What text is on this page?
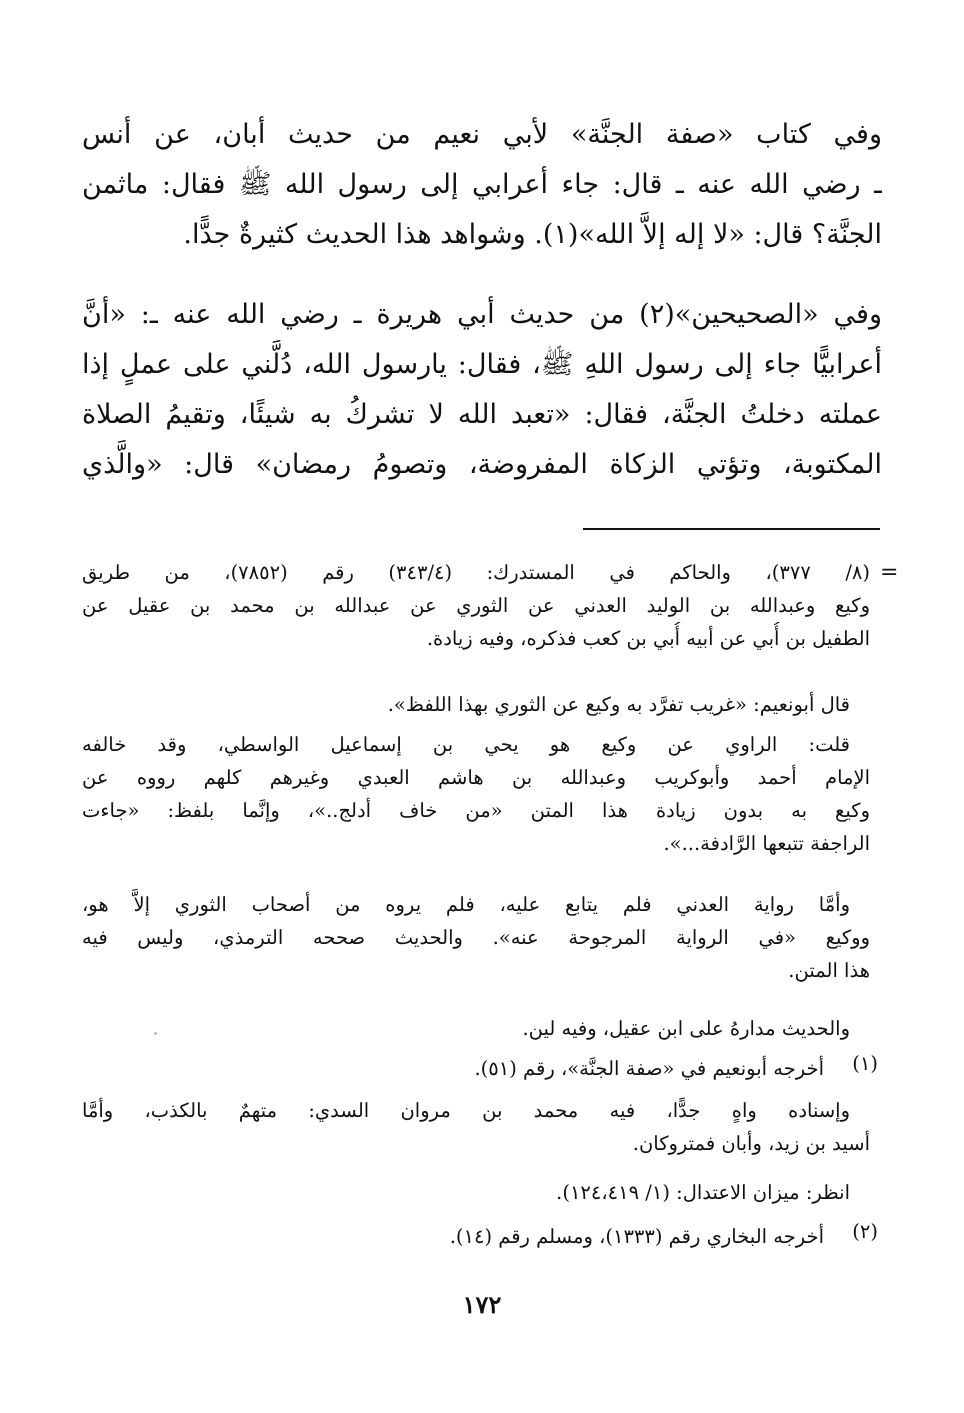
وفي كتاب «صفة الجنَّة» لأبي نعيم من حديث أبان، عن أنس
ـ رضي الله عنه ـ قال: جاء أعرابي إلى رسول الله ﷺ فقال: ماثمن
الجنَّة؟ قال: «لا إله إلاَّ الله»(١). وشواهد هذا الحديث كثيرةٌ جدًّا.
وفي «الصحيحين»(٢) من حديث أبي هريرة ـ رضي الله عنه ـ: «أنَّ
أعرابيًّا جاء إلى رسول اللهِ ﷺ، فقال: يارسول الله، دُلَّني على عملٍ إذا
عملته دخلتُ الجنَّة، فقال: «تعبد الله لا تشركُ به شيئًا، وتقيمُ الصلاة
المكتوبة، وتؤتي الزكاة المفروضة، وتصومُ رمضان» قال: «والَّذي
=
(٨/ ٣٧٧)، والحاكم في المستدرك: (٣٤٣/٤) رقم (٧٨٥٢)، من طريق
وكيع وعبدالله بن الوليد العدني عن الثوري عن عبدالله بن محمد بن عقيل عن
الطفيل بن أُبي عن أبيه أُبي بن كعب فذكره، وفيه زيادة.
قال أبونعيم: «غريب تفرَّد به وكيع عن الثوري بهذا اللفظ».
قلت: الراوي عن وكيع هو يحي بن إسماعيل الواسطي، وقد خالفه
الإمام أحمد وأبوكريب وعبدالله بن هاشم العبدي وغيرهم كلهم رووه عن
وكيع به بدون زيادة هذا المتن «من خاف أدلج..»، وإنَّما بلفظ: «جاءت
الراجفة تتبعها الرَّادفة...».
وأمَّا رواية العدني فلم يتابع عليه، فلم يروه من أصحاب الثوري إلاَّ هو،
ووكيع «في الرواية المرجوحة عنه». والحديث صححه الترمذي، وليس فيه
هذا المتن.
والحديث مدارهُ على ابن عقيل، وفيه لين.
(١)
أخرجه أبونعيم في «صفة الجنَّة»، رقم (٥١).
وإسناده واهٍ جدًّا، فيه محمد بن مروان السدي: متهمٌ بالكذب، وأمَّا
أسيد بن زيد، وأبان فمتروكان.
انظر: ميزان الاعتدال: (١/ ١٢٤،٤١٩).
(٢)
أخرجه البخاري رقم (١٣٣٣)، ومسلم رقم (١٤).
١٧٢
